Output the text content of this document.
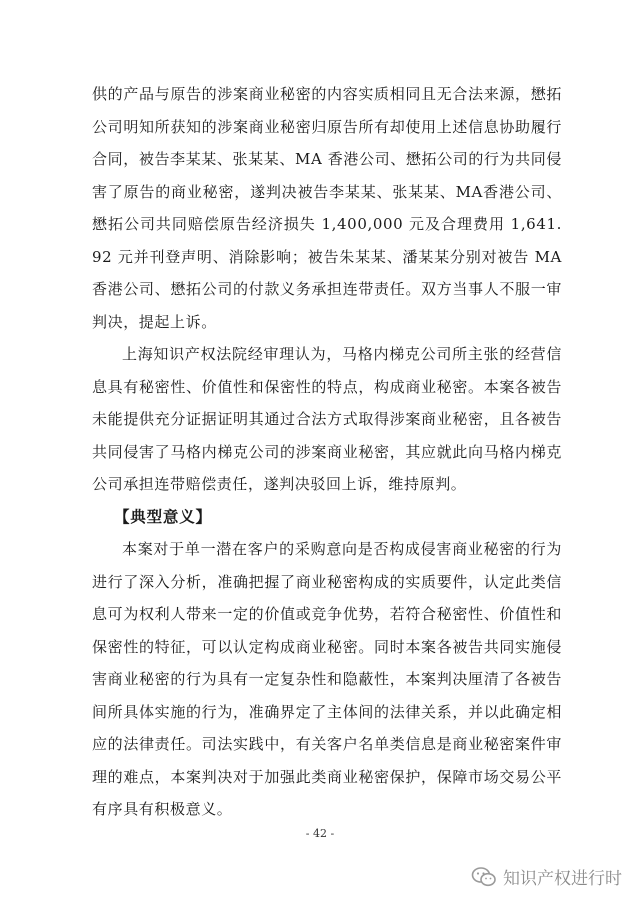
供的产品与原告的涉案商业秘密的内容实质相同且无合法来源，懋拓公司明知所获知的涉案商业秘密归原告所有却使用上述信息协助履行合同，被告李某某、张某某、MA 香港公司、懋拓公司的行为共同侵害了原告的商业秘密，遂判决被告李某某、张某某、MA香港公司、懋拓公司共同赔偿原告经济损失 1,400,000 元及合理费用 1,641.92 元并刊登声明、消除影响；被告朱某某、潘某某分别对被告 MA 香港公司、懋拓公司的付款义务承担连带责任。双方当事人不服一审判决，提起上诉。

上海知识产权法院经审理认为，马格内梯克公司所主张的经营信息具有秘密性、价值性和保密性的特点，构成商业秘密。本案各被告未能提供充分证据证明其通过合法方式取得涉案商业秘密，且各被告共同侵害了马格内梯克公司的涉案商业秘密，其应就此向马格内梯克公司承担连带赔偿责任，遂判决驳回上诉，维持原判。

【典型意义】

本案对于单一潜在客户的采购意向是否构成侵害商业秘密的行为进行了深入分析，准确把握了商业秘密构成的实质要件，认定此类信息可为权利人带来一定的价值或竞争优势，若符合秘密性、价值性和保密性的特征，可以认定构成商业秘密。同时本案各被告共同实施侵害商业秘密的行为具有一定复杂性和隐蔽性，本案判决厘清了各被告间所具体实施的行为，准确界定了主体间的法律关系，并以此确定相应的法律责任。司法实践中，有关客户名单类信息是商业秘密案件审理的难点，本案判决对于加强此类商业秘密保护，保障市场交易公平有序具有积极意义。

- 42 -
知识产权进行时
